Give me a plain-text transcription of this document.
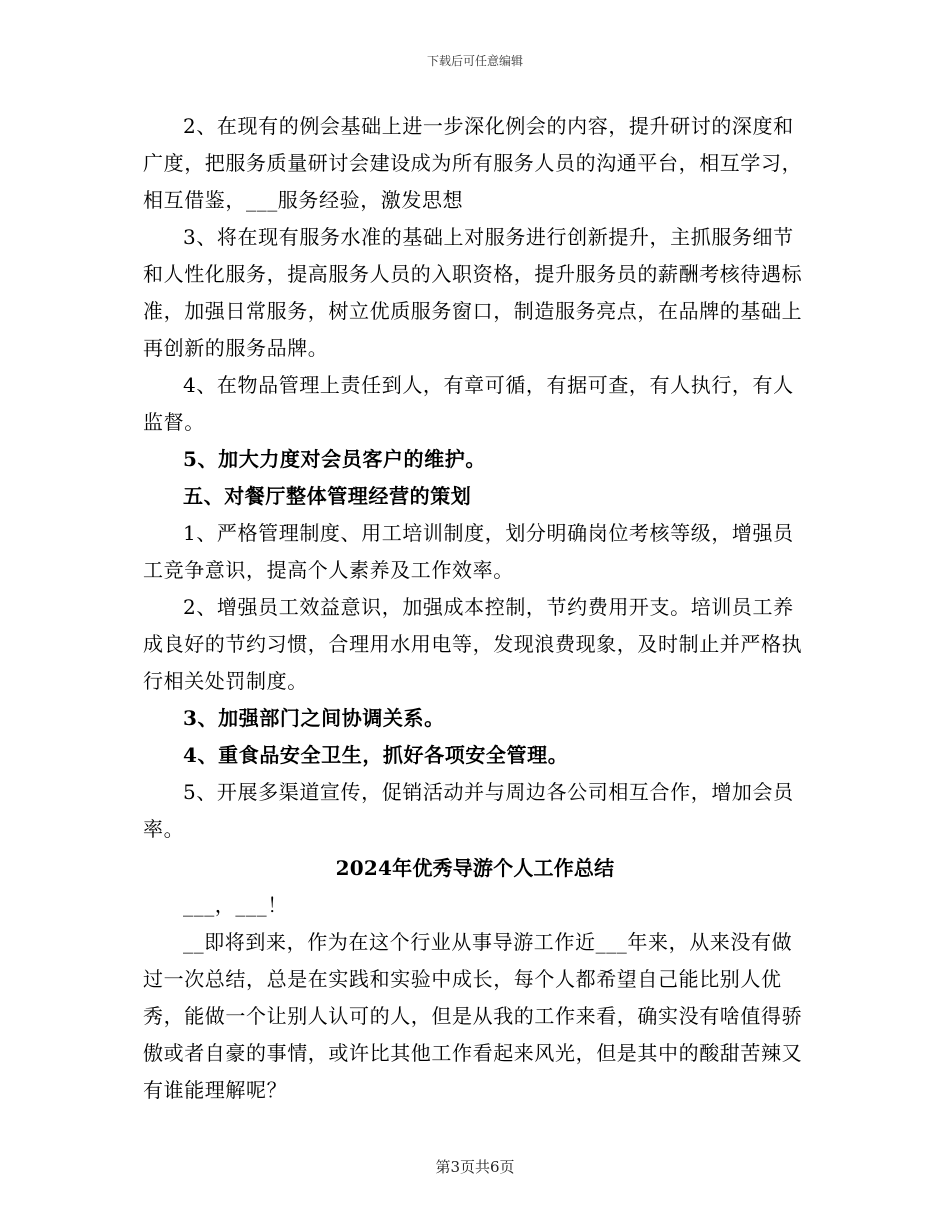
下载后可任意编辑

2、在现有的例会基础上进一步深化例会的内容，提升研讨的深度和广度，把服务质量研讨会建设成为所有服务人员的沟通平台，相互学习，相互借鉴，___服务经验，激发思想

3、将在现有服务水准的基础上对服务进行创新提升，主抓服务细节和人性化服务，提高服务人员的入职资格，提升服务员的薪酬考核待遇标准，加强日常服务，树立优质服务窗口，制造服务亮点，在品牌的基础上再创新的服务品牌。

4、在物品管理上责任到人，有章可循，有据可查，有人执行，有人监督。

5、加大力度对会员客户的维护。

五、对餐厅整体管理经营的策划

1、严格管理制度、用工培训制度，划分明确岗位考核等级，增强员工竞争意识，提高个人素养及工作效率。

2、增强员工效益意识，加强成本控制，节约费用开支。培训员工养成良好的节约习惯，合理用水用电等，发现浪费现象，及时制止并严格执行相关处罚制度。

3、加强部门之间协调关系。

4、重食品安全卫生，抓好各项安全管理。

5、开展多渠道宣传，促销活动并与周边各公司相互合作，增加会员率。

2024年优秀导游个人工作总结

___，___！

__即将到来，作为在这个行业从事导游工作近___年来，从来没有做过一次总结，总是在实践和实验中成长，每个人都希望自己能比别人优秀，能做一个让别人认可的人，但是从我的工作来看，确实没有啥值得骄傲或者自豪的事情，或许比其他工作看起来风光，但是其中的酸甜苦辣又有谁能理解呢？

第3页共6页
